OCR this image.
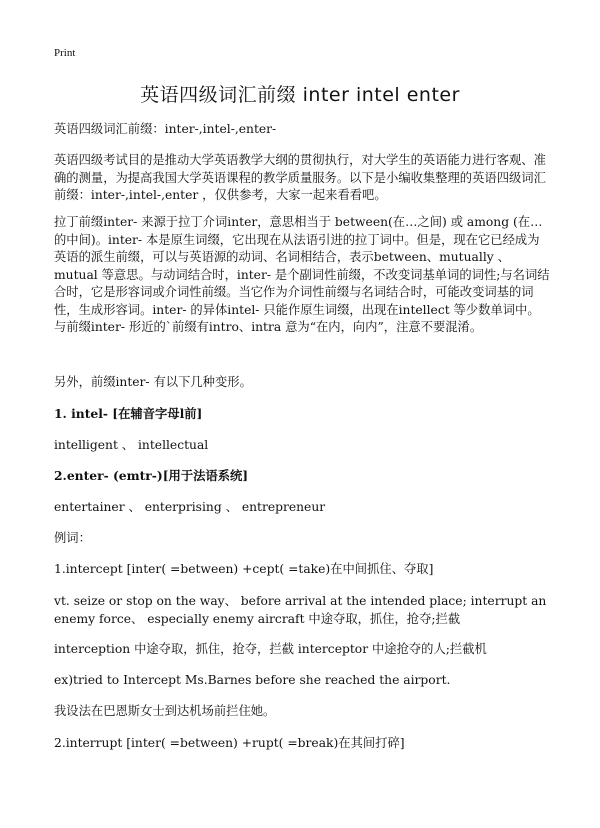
Print
英语四级词汇前缀 inter intel enter

英语四级词汇前缀：inter-,intel-,enter-

英语四级考试目的是推动大学英语教学大纲的贯彻执行，对大学生的英语能力进行客观、准确的测量，为提高我国大学英语课程的教学质量服务。以下是小编收集整理的英语四级词汇前缀：inter-,intel-,enter ，仅供参考，大家一起来看看吧。

拉丁前缀inter- 来源于拉丁介词inter，意思相当于 between(在…之间) 或 among (在…的中间)。inter- 本是原生词缀，它出现在从法语引进的拉丁词中。但是，现在它已经成为英语的派生前缀，可以与英语源的动词、名词相结合，表示between、mutually 、mutual 等意思。与动词结合时，inter- 是个副词性前缀，不改变词基单词的词性;与名词结合时，它是形容词或介词性前缀。当它作为介词性前缀与名词结合时，可能改变词基的词性，生成形容词。inter- 的异体intel- 只能作原生词缀，出现在intellect 等少数单词中。与前缀inter- 形近的`前缀有intro、intra 意为“在内，向内”，注意不要混淆。

另外，前缀inter- 有以下几种变形。

1. intel- [在辅音字母l前]

intelligent 、 intellectual

2.enter- (emtr-)[用于法语系统]

entertainer 、 enterprising 、 entrepreneur

例词：

1.intercept [inter( =between) +cept( =take)在中间抓住、夺取]

vt. seize or stop on the way、 before arrival at the intended place; interrupt an enemy force、 especially enemy aircraft 中途夺取，抓住，抢夺;拦截

interception 中途夺取，抓住，抢夺，拦截 interceptor 中途抢夺的人;拦截机

ex)tried to Intercept Ms.Barnes before she reached the airport.

我设法在巴恩斯女士到达机场前拦住她。

2.interrupt [inter( =between) +rupt( =break)在其间打碎]
